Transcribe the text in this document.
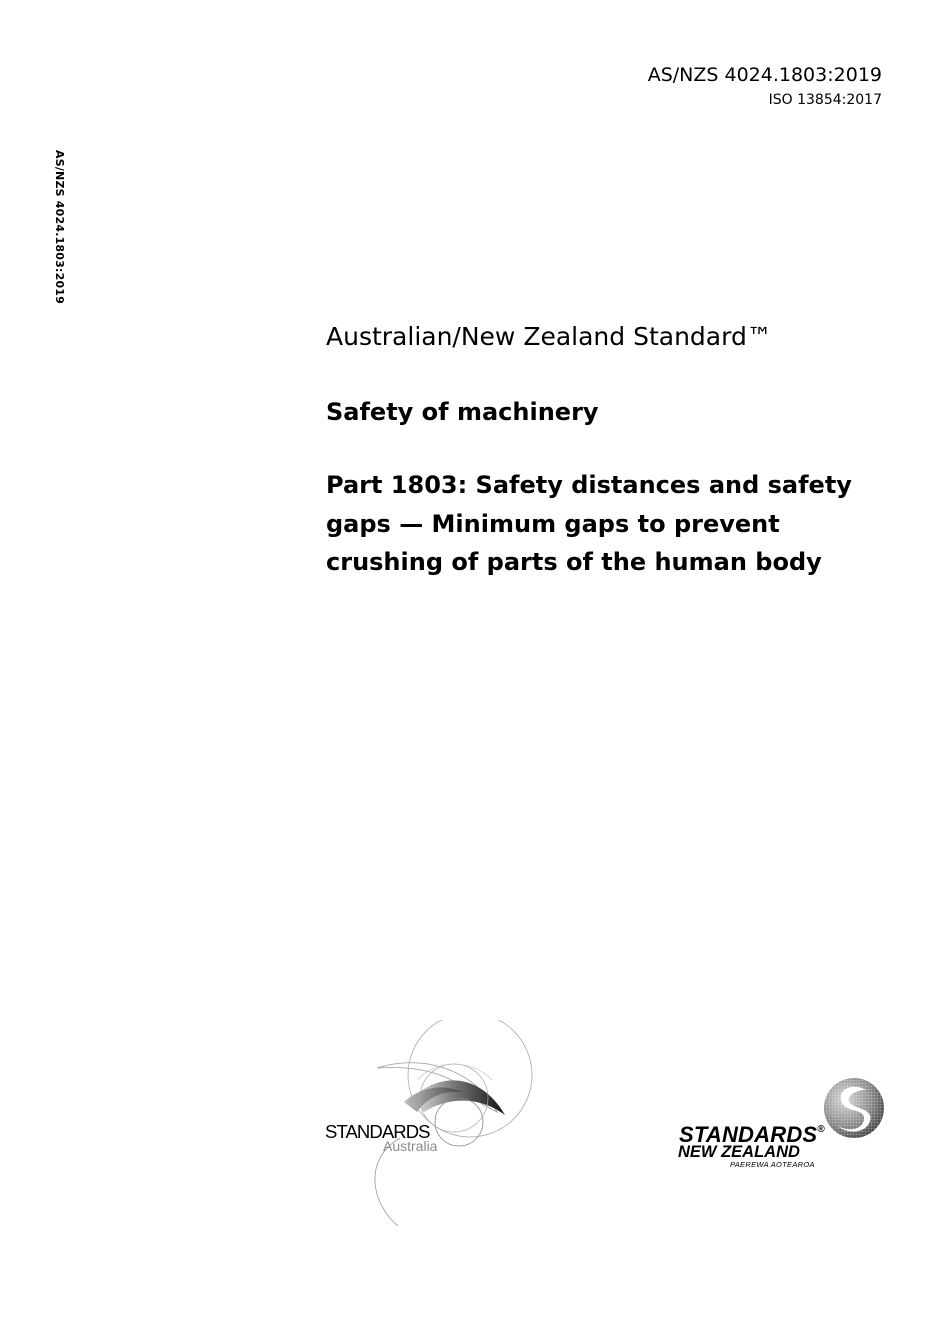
AS/NZS 4024.1803:2019
ISO 13854:2017
AS/NZS 4024.1803:2019
Australian/New Zealand Standard™
Safety of machinery
Part 1803: Safety distances and safety
gaps — Minimum gaps to prevent
crushing of parts of the human body
STANDARDS
Australia	STANDARDS®
NEW ZEALAND
PAEREWA AOTEAROA
